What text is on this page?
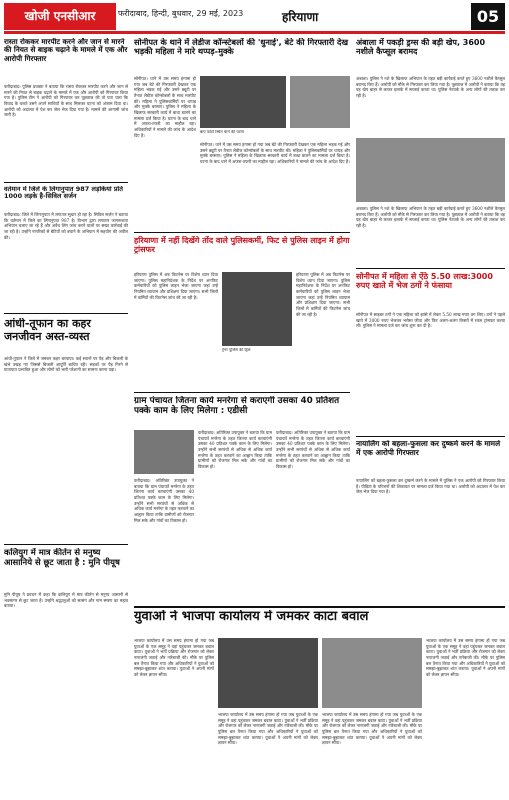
खोजी एनसीआर	फरीदाबाद, हिन्दी, बुधवार, 29 मई, 2023	हरियाणा	05

रास्ता रोककर मारपीट करने और जान से मारने की नियत से बाइक चढ़ाने के मामले में एक और आरोपी गिरफ्तार

फरीदाबाद। पुलिस प्रवक्ता ने बताया कि रास्ता रोककर मारपीट करने और जान से मारने की नियत से बाइक चढ़ाने के मामले में एक और आरोपी को गिरफ्तार किया गया है। पुलिस टीम ने आरोपी को गिरफ्तार कर पूछताछ की तो पता चला कि विवाद के चलते उसने अपने साथियों के साथ मिलकर घटना को अंजाम दिया था। आरोपी को अदालत में पेश कर जेल भेज दिया गया है। मामले की आगामी जांच जारी है।

वर्तमान में जिले के लिंगानुपात 987 लड़कियां प्रति 1000 लड़के है-सिविल सर्जन

फरीदाबाद। जिले में लिंगानुपात में लगातार सुधार हो रहा है। सिविल सर्जन ने बताया कि वर्तमान में जिले का लिंगानुपात 987 है। विभाग द्वारा लगातार जागरूकता अभियान चलाए जा रहे हैं और अवैध लिंग जांच करने वालों पर सख्त कार्रवाई की जा रही है। उन्होंने नागरिकों से बेटियों को बचाने के अभियान में सहयोग की अपील की।

आंधी-तूफान का कहर जनजीवन अस्त-व्यस्त

आंधी-तूफान ने जिले में जमकर कहर बरपाया। कई स्थानों पर पेड़ और बिजली के खंभे उखड़ गए जिससे बिजली आपूर्ति बाधित रही। सड़कों पर पेड़ गिरने से यातायात प्रभावित हुआ और लोगों को भारी परेशानी का सामना करना पड़ा।

कलियुग में मात्र कीर्तन से मनुष्य आसानिये से छूट जाता है : मुनि पीयूष

मुनि पीयूष ने प्रवचन में कहा कि कलियुग में मात्र कीर्तन से मनुष्य आसानी से भवसागर से छूट जाता है। उन्होंने श्रद्धालुओं को सत्संग और नाम स्मरण का महत्व बताया।

सोनीपत के थाने में लेडीज कॉन्स्टेबलों की 'धुनाई', बेटे की गिरफ्तारी देख भड़की महिला ने मारे थप्पड़-मुक्के

सोनीपत। थाने में उस समय हंगामा हो गया जब बेटे की गिरफ्तारी देखकर एक महिला भड़क गई और उसने ड्यूटी पर तैनात लेडीज कॉन्स्टेबलों के साथ मारपीट की। महिला ने पुलिसकर्मियों पर थप्पड़ और मुक्के बरसाए। पुलिस ने महिला के खिलाफ सरकारी कार्य में बाधा डालने का मामला दर्ज किया है। घटना के बाद थाने में अफरा-तफरी का माहौल रहा। अधिकारियों ने मामले की जांच के आदेश दिए हैं।
बाएं फोटो स्थित थाने की घटना
सोनीपत। थाने में उस समय हंगामा हो गया जब बेटे की गिरफ्तारी देखकर एक महिला भड़क गई और उसने ड्यूटी पर तैनात लेडीज कॉन्स्टेबलों के साथ मारपीट की। महिला ने पुलिसकर्मियों पर थप्पड़ और मुक्के बरसाए। पुलिस ने महिला के खिलाफ सरकारी कार्य में बाधा डालने का मामला दर्ज किया है। घटना के बाद थाने में अफरा-तफरी का माहौल रहा। अधिकारियों ने मामले की जांच के आदेश दिए हैं।

अंबाला में पकड़ी ड्रग्स की बड़ी खेप, 3600 नशीले कैप्सूल बरामद

अंबाला। पुलिस ने नशे के खिलाफ अभियान के तहत बड़ी कार्रवाई करते हुए 3600 नशीले कैप्सूल बरामद किए हैं। आरोपी को मौके से गिरफ्तार कर लिया गया है। पूछताछ में आरोपी ने बताया कि वह यह खेप बाहर से लाकर इलाके में सप्लाई करता था। पुलिस नेटवर्क के अन्य लोगों की तलाश कर रही है।
अंबाला। पुलिस ने नशे के खिलाफ अभियान के तहत बड़ी कार्रवाई करते हुए 3600 नशीले कैप्सूल बरामद किए हैं। आरोपी को मौके से गिरफ्तार कर लिया गया है। पूछताछ में आरोपी ने बताया कि वह यह खेप बाहर से लाकर इलाके में सप्लाई करता था। पुलिस नेटवर्क के अन्य लोगों की तलाश कर रही है।

हरियाणा में नहीं दिखेंगे तोंद वाले पुलिसकर्मी, फिट से पुलिस लाइन में होगा ट्रांसफर

हरियाणा पुलिस में अब फिटनेस पर विशेष ध्यान दिया जाएगा। पुलिस महानिदेशक के निर्देश पर अनफिट कर्मचारियों को पुलिस लाइन भेजा जाएगा जहां उन्हें नियमित व्यायाम और प्रशिक्षण दिया जाएगा। सभी जिलों में कर्मियों की फिटनेस जांच की जा रही है।
ट्रेनर पुलिस की ड्रिल
हरियाणा पुलिस में अब फिटनेस पर विशेष ध्यान दिया जाएगा। पुलिस महानिदेशक के निर्देश पर अनफिट कर्मचारियों को पुलिस लाइन भेजा जाएगा जहां उन्हें नियमित व्यायाम और प्रशिक्षण दिया जाएगा। सभी जिलों में कर्मियों की फिटनेस जांच की जा रही है।

सोनीपत में महिला से ऐंठे 5.50 लाख:3000 रुपए खाते में भेज ठगों ने फंसाया

सोनीपत में साइबर ठगों ने एक महिला को झांसे में लेकर 5.50 लाख रुपए ठग लिए। ठगों ने पहले खाते में 3000 रुपए भेजकर भरोसा जीता और फिर अलग-अलग किस्तों में रकम ट्रांसफर करवा ली। पुलिस ने मामला दर्ज कर जांच शुरू कर दी है।

ग्राम पंचायत जितना कार्य मनरेगा से कराएगी उसका 40 प्रतिशत पक्के काम के लिए मिलेगा : एडीसी

फरीदाबाद। अतिरिक्त उपायुक्त ने बताया कि ग्राम पंचायतें मनरेगा के तहत जितना कार्य करवाएंगी उसका 40 प्रतिशत पक्के काम के लिए मिलेगा। उन्होंने सभी सरपंचों से अधिक से अधिक कार्य मनरेगा के तहत करवाने का आह्वान किया ताकि ग्रामीणों को रोजगार मिल सके और गांवों का विकास हो।
फरीदाबाद। अतिरिक्त उपायुक्त ने बताया कि ग्राम पंचायतें मनरेगा के तहत जितना कार्य करवाएंगी उसका 40 प्रतिशत पक्के काम के लिए मिलेगा। उन्होंने सभी सरपंचों से अधिक से अधिक कार्य मनरेगा के तहत करवाने का आह्वान किया ताकि ग्रामीणों को रोजगार मिल सके और गांवों का विकास हो।
फरीदाबाद। अतिरिक्त उपायुक्त ने बताया कि ग्राम पंचायतें मनरेगा के तहत जितना कार्य करवाएंगी उसका 40 प्रतिशत पक्के काम के लिए मिलेगा। उन्होंने सभी सरपंचों से अधिक से अधिक कार्य मनरेगा के तहत करवाने का आह्वान किया ताकि ग्रामीणों को रोजगार मिल सके और गांवों का विकास हो।

नायालिंग को बहला-फुसला कर दुष्कर्म करने के मामले में एक आरोपी गिरफ्तार

नायालिंग को बहला-फुसला कर दुष्कर्म करने के मामले में पुलिस ने एक आरोपी को गिरफ्तार किया है। पीड़िता के परिजनों की शिकायत पर मामला दर्ज किया गया था। आरोपी को अदालत में पेश कर जेल भेज दिया गया है।

युवाओं ने भाजपा कार्यालय में जमकर काटा बवाल

भाजपा कार्यालय में उस समय हंगामा हो गया जब युवाओं के एक समूह ने वहां पहुंचकर जमकर बवाल काटा। युवाओं ने भर्ती प्रक्रिया और रोजगार को लेकर नाराजगी जताई और नारेबाजी की। मौके पर पुलिस बल तैनात किया गया और अधिकारियों ने युवाओं को समझा-बुझाकर शांत कराया। युवाओं ने अपनी मांगों को लेकर ज्ञापन सौंपा।
भाजपा कार्यालय में उस समय हंगामा हो गया जब युवाओं के एक समूह ने वहां पहुंचकर जमकर बवाल काटा। युवाओं ने भर्ती प्रक्रिया और रोजगार को लेकर नाराजगी जताई और नारेबाजी की। मौके पर पुलिस बल तैनात किया गया और अधिकारियों ने युवाओं को समझा-बुझाकर शांत कराया। युवाओं ने अपनी मांगों को लेकर ज्ञापन सौंपा।
भाजपा कार्यालय में उस समय हंगामा हो गया जब युवाओं के एक समूह ने वहां पहुंचकर जमकर बवाल काटा। युवाओं ने भर्ती प्रक्रिया और रोजगार को लेकर नाराजगी जताई और नारेबाजी की। मौके पर पुलिस बल तैनात किया गया और अधिकारियों ने युवाओं को समझा-बुझाकर शांत कराया। युवाओं ने अपनी मांगों को लेकर ज्ञापन सौंपा।
भाजपा कार्यालय में उस समय हंगामा हो गया जब युवाओं के एक समूह ने वहां पहुंचकर जमकर बवाल काटा। युवाओं ने भर्ती प्रक्रिया और रोजगार को लेकर नाराजगी जताई और नारेबाजी की। मौके पर पुलिस बल तैनात किया गया और अधिकारियों ने युवाओं को समझा-बुझाकर शांत कराया। युवाओं ने अपनी मांगों को लेकर ज्ञापन सौंपा।
